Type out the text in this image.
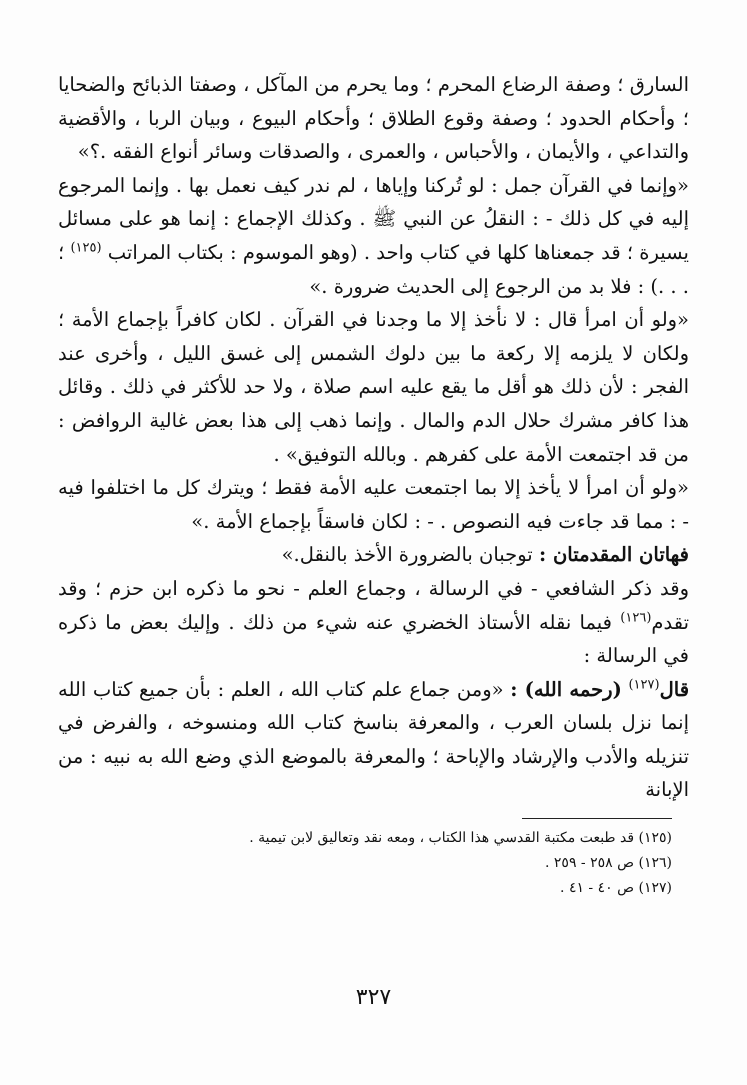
السارق ؛ وصفة الرضاع المحرم ؛ وما يحرم من المآكل ، وصفتا الذبائح والضحايا ؛ وأحكام الحدود ؛ وصفة وقوع الطلاق ؛ وأحكام البيوع ، وبيان الربا ، والأقضية والتداعي ، والأيمان ، والأحباس ، والعمرى ، والصدقات وسائر أنواع الفقه .؟»

«وإنما في القرآن جمل : لو تُركنا وإياها ، لم ندر كيف نعمل بها . وإنما المرجوع إليه في كل ذلك - : النقلُ عن النبي ﷺ . وكذلك الإجماع : إنما هو على مسائل يسيرة ؛ قد جمعناها كلها في كتاب واحد . (وهو الموسوم : بكتاب المراتب $^{(١٢٥)}$ ؛ . . .) : فلا بد من الرجوع إلى الحديث ضرورة .»

«ولو أن امرأ قال : لا نأخذ إلا ما وجدنا في القرآن . لكان كافراً بإجماع الأمة ؛ ولكان لا يلزمه إلا ركعة ما بين دلوك الشمس إلى غسق الليل ، وأخرى عند الفجر : لأن ذلك هو أقل ما يقع عليه اسم صلاة ، ولا حد للأكثر في ذلك . وقائل هذا كافر مشرك حلال الدم والمال . وإنما ذهب إلى هذا بعض غالية الروافض : من قد اجتمعت الأمة على كفرهم . وبالله التوفيق» .

«ولو أن امرأ لا يأخذ إلا بما اجتمعت عليه الأمة فقط ؛ ويترك كل ما اختلفوا فيه - : مما قد جاءت فيه النصوص . - : لكان فاسقاً بإجماع الأمة .»

فهاتان المقدمتان : توجبان بالضرورة الأخذ بالنقل.»

وقد ذكر الشافعي - في الرسالة ، وجماع العلم - نحو ما ذكره ابن حزم ؛ وقد تقدم$^{(١٢٦)}$ فيما نقله الأستاذ الخضري عنه شيء من ذلك . وإليك بعض ما ذكره في الرسالة :

قال$^{(١٢٧)}$ (رحمه الله) : «ومن جماع علم كتاب الله ، العلم : بأن جميع كتاب الله إنما نزل بلسان العرب ، والمعرفة بناسخ كتاب الله ومنسوخه ، والفرض في تنزيله والأدب والإرشاد والإباحة ؛ والمعرفة بالموضع الذي وضع الله به نبيه : من الإبانة

(١٢٥) قد طبعت مكتبة القدسي هذا الكتاب ، ومعه نقد وتعاليق لابن تيمية .
(١٢٦) ص ٢٥٨ - ٢٥٩ .
(١٢٧) ص ٤٠ - ٤١ .
٣٢٧
